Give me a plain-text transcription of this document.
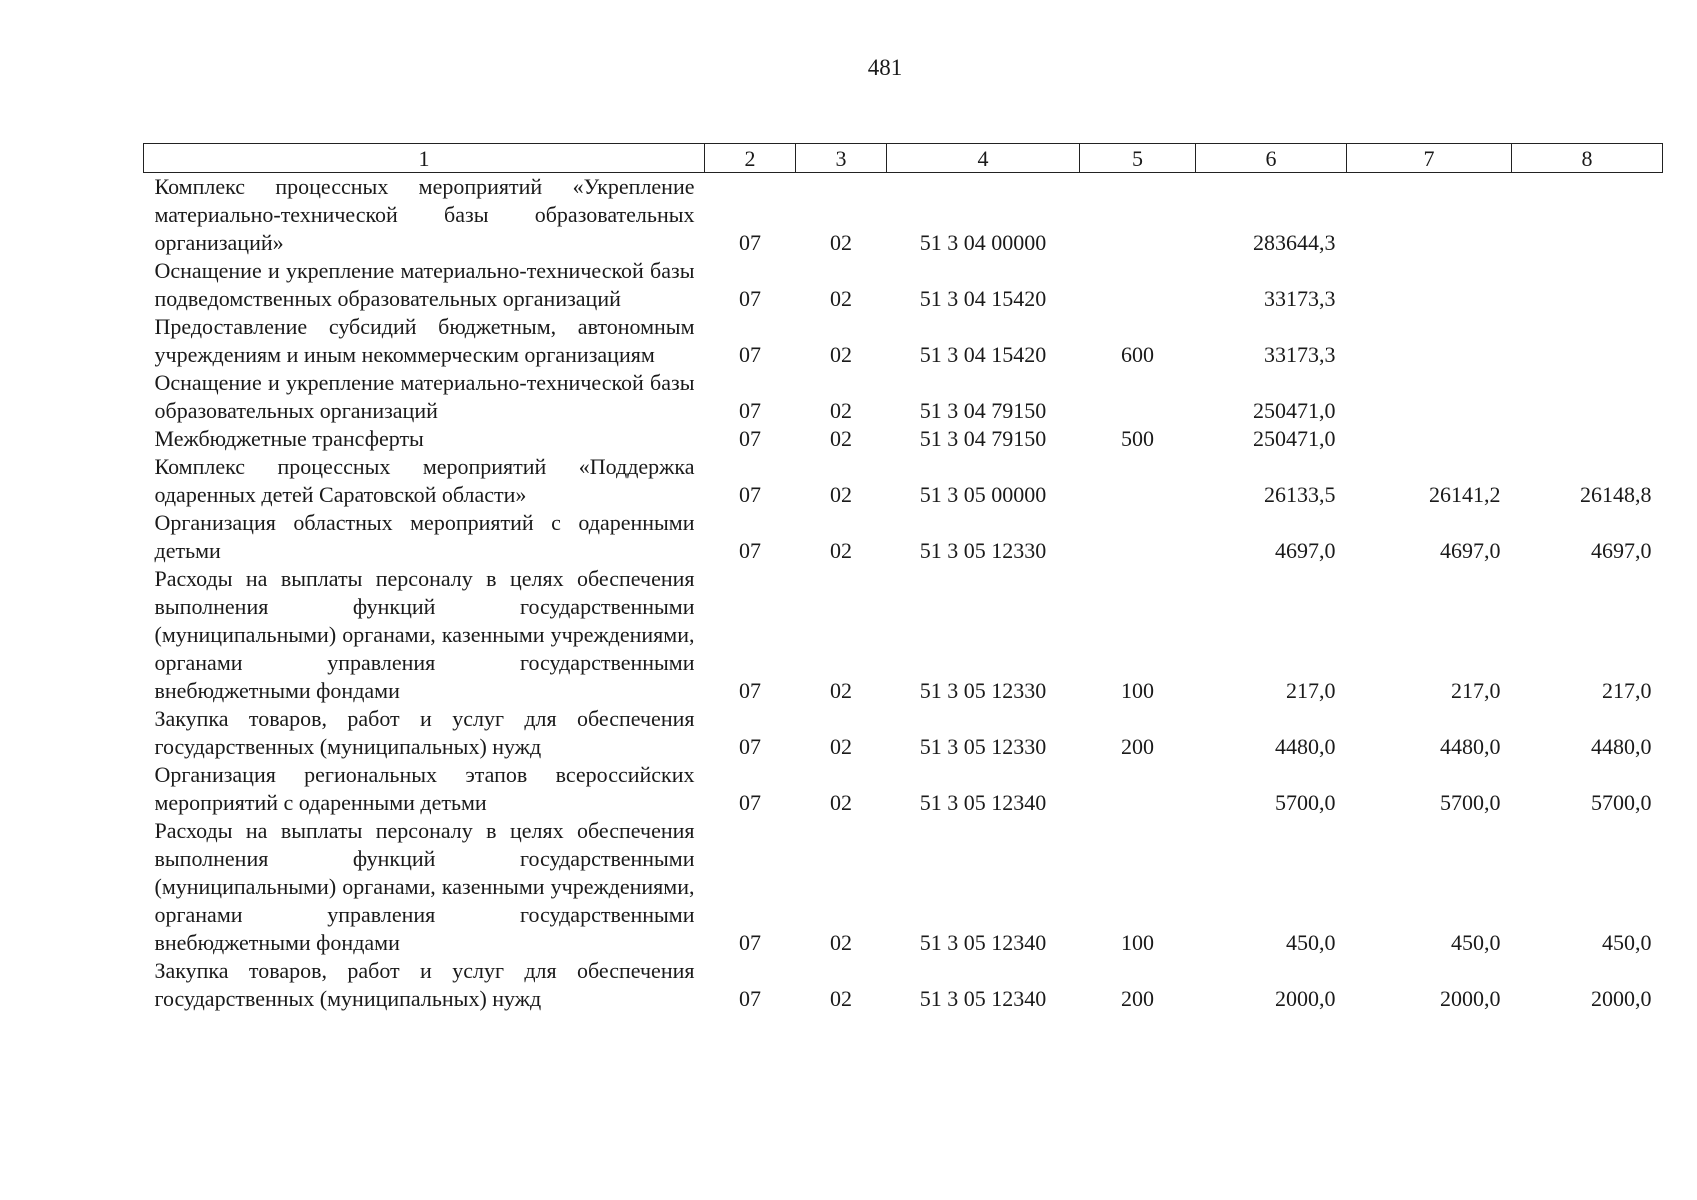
481
1	2	3	4	5	6	7	8
Комплекс процессных мероприятий «Укрепление материально-технической базы образовательных организаций»	07	02	51 3 04 00000		283644,3		
Оснащение и укрепление материально-технической базы подведомственных образовательных организаций	07	02	51 3 04 15420		33173,3		
Предоставление субсидий бюджетным, автономным учреждениям и иным некоммерческим организациям	07	02	51 3 04 15420	600	33173,3		
Оснащение и укрепление материально-технической базы образовательных организаций	07	02	51 3 04 79150		250471,0		
Межбюджетные трансферты	07	02	51 3 04 79150	500	250471,0		
Комплекс процессных мероприятий «Поддержка одаренных детей Саратовской области»	07	02	51 3 05 00000		26133,5	26141,2	26148,8
Организация областных мероприятий с одаренными детьми	07	02	51 3 05 12330		4697,0	4697,0	4697,0
Расходы на выплаты персоналу в целях обеспечения выполнения функций государственными (муниципальными) органами, казенными учреждениями, органами управления государственными внебюджетными фондами	07	02	51 3 05 12330	100	217,0	217,0	217,0
Закупка товаров, работ и услуг для обеспечения государственных (муниципальных) нужд	07	02	51 3 05 12330	200	4480,0	4480,0	4480,0
Организация региональных этапов всероссийских мероприятий с одаренными детьми	07	02	51 3 05 12340		5700,0	5700,0	5700,0
Расходы на выплаты персоналу в целях обеспечения выполнения функций государственными (муниципальными) органами, казенными учреждениями, органами управления государственными внебюджетными фондами	07	02	51 3 05 12340	100	450,0	450,0	450,0
Закупка товаров, работ и услуг для обеспечения государственных (муниципальных) нужд	07	02	51 3 05 12340	200	2000,0	2000,0	2000,0
